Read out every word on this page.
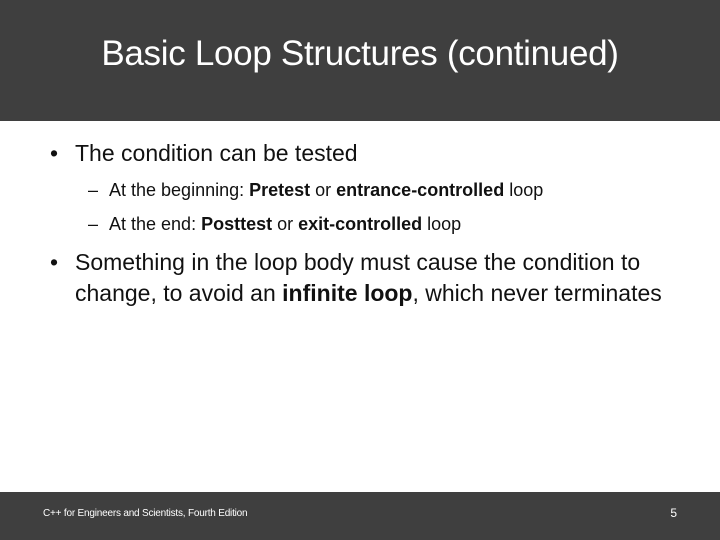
Basic Loop Structures (continued)
• The condition can be tested
– At the beginning: Pretest or entrance-controlled loop
– At the end: Posttest or exit-controlled loop
• Something in the loop body must cause the condition to change, to avoid an infinite loop, which never terminates
C++ for Engineers and Scientists, Fourth Edition	5
